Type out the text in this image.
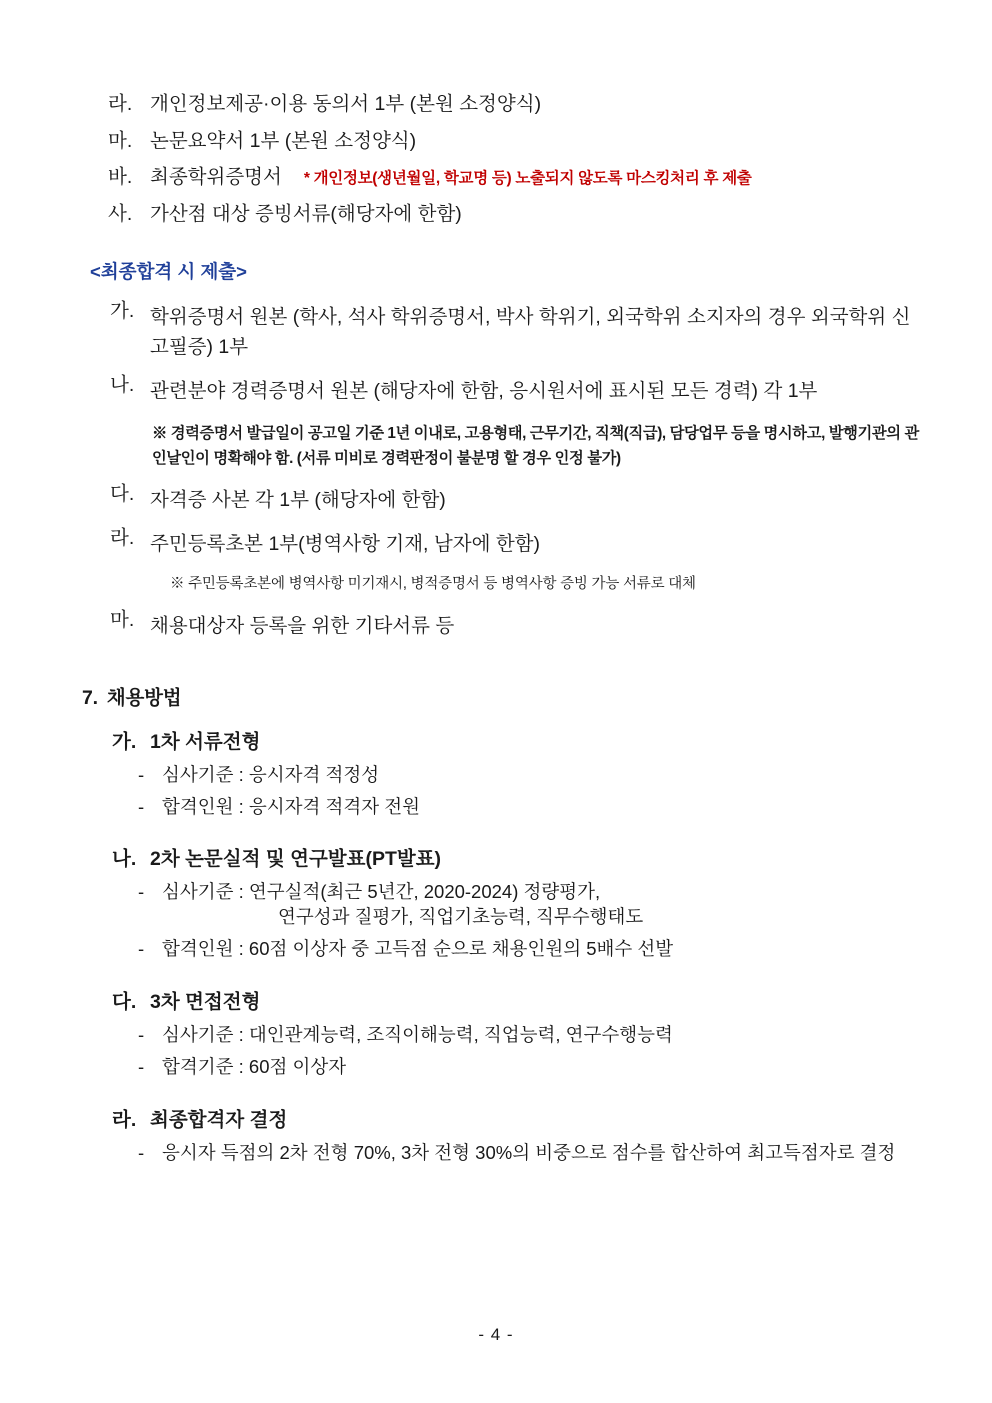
라. 개인정보제공·이용 동의서 1부 (본원 소정양식)
마. 논문요약서 1부 (본원 소정양식)
바. 최종학위증명서 * 개인정보(생년월일, 학교명 등) 노출되지 않도록 마스킹처리 후 제출
사. 가산점 대상 증빙서류(해당자에 한함)
<최종합격 시 제출>
가. 학위증명서 원본 (학사, 석사 학위증명서, 박사 학위기, 외국학위 소지자의 경우 외국학위 신고필증) 1부
나. 관련분야 경력증명서 원본 (해당자에 한함, 응시원서에 표시된 모든 경력) 각 1부
※ 경력증명서 발급일이 공고일 기준 1년 이내로, 고용형태, 근무기간, 직책(직급), 담당업무 등을 명시하고, 발행기관의 관인날인이 명확해야 함. (서류 미비로 경력판정이 불분명 할 경우 인정 불가)
다. 자격증 사본 각 1부 (해당자에 한함)
라. 주민등록초본 1부(병역사항 기재, 남자에 한함)
※ 주민등록초본에 병역사항 미기재시, 병적증명서 등 병역사항 증빙 가능 서류로 대체
마. 채용대상자 등록을 위한 기타서류 등
7. 채용방법
가. 1차 서류전형
- 심사기준 : 응시자격 적정성
- 합격인원 : 응시자격 적격자 전원
나. 2차 논문실적 및 연구발표(PT발표)
- 심사기준 : 연구실적(최근 5년간, 2020-2024) 정량평가,
연구성과 질평가, 직업기초능력, 직무수행태도
- 합격인원 : 60점 이상자 중 고득점 순으로 채용인원의 5배수 선발
다. 3차 면접전형
- 심사기준 : 대인관계능력, 조직이해능력, 직업능력, 연구수행능력
- 합격기준 : 60점 이상자
라. 최종합격자 결정
- 응시자 득점의 2차 전형 70%, 3차 전형 30%의 비중으로 점수를 합산하여 최고득점자로 결정
- 4 -
